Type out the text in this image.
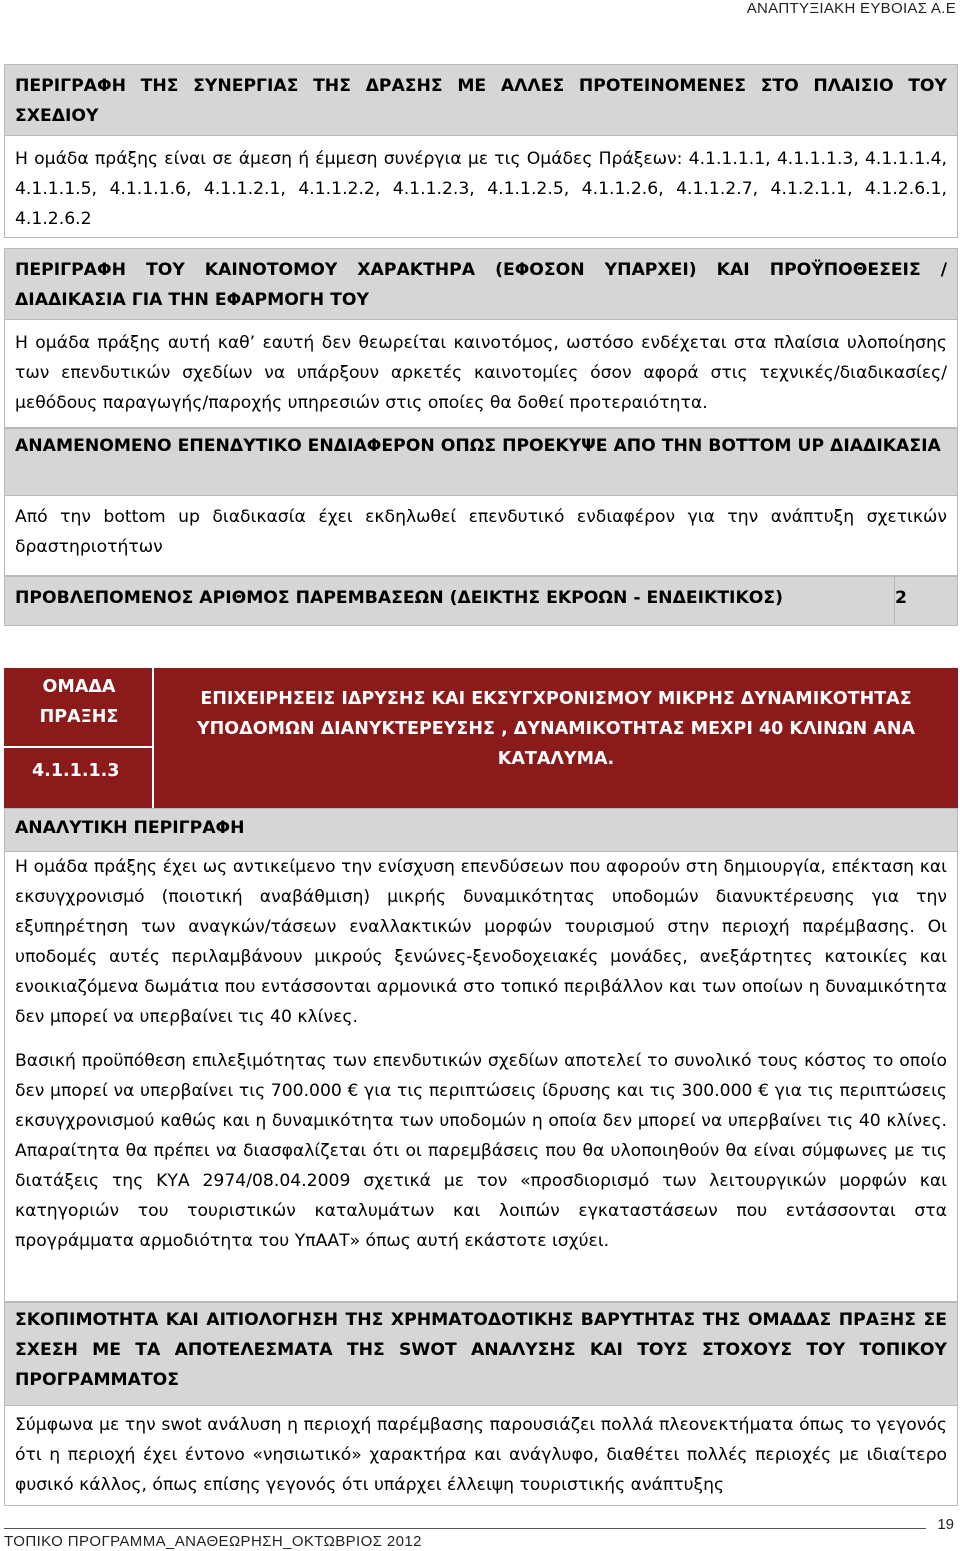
ΑΝΑΠΤΥΞΙΑΚΗ ΕΥΒΟΙΑΣ Α.Ε
ΠΕΡΙΓΡΑΦΗ ΤΗΣ ΣΥΝΕΡΓΙΑΣ ΤΗΣ ΔΡΑΣΗΣ ΜΕ ΑΛΛΕΣ ΠΡΟΤΕΙΝΟΜΕΝΕΣ ΣΤΟ ΠΛΑΙΣΙΟ ΤΟΥ ΣΧΕΔΙΟΥ
Η ομάδα πράξης είναι σε άμεση ή έμμεση συνέργια με τις Ομάδες Πράξεων: 4.1.1.1.1, 4.1.1.1.3, 4.1.1.1.4, 4.1.1.1.5, 4.1.1.1.6, 4.1.1.2.1, 4.1.1.2.2, 4.1.1.2.3, 4.1.1.2.5, 4.1.1.2.6, 4.1.1.2.7, 4.1.2.1.1, 4.1.2.6.1, 4.1.2.6.2
ΠΕΡΙΓΡΑΦΗ ΤΟΥ ΚΑΙΝΟΤΟΜΟΥ ΧΑΡΑΚΤΗΡΑ (ΕΦΟΣΟΝ ΥΠΑΡΧΕΙ) ΚΑΙ ΠΡΟΫΠΟΘΕΣΕΙΣ / ΔΙΑΔΙΚΑΣΙΑ ΓΙΑ ΤΗΝ ΕΦΑΡΜΟΓΗ ΤΟΥ
Η ομάδα πράξης αυτή καθ’ εαυτή δεν θεωρείται καινοτόμος, ωστόσο ενδέχεται στα πλαίσια υλοποίησης των επενδυτικών σχεδίων να υπάρξουν αρκετές καινοτομίες όσον αφορά στις τεχνικές/διαδικασίες/μεθόδους παραγωγής/παροχής υπηρεσιών στις οποίες θα δοθεί προτεραιότητα.
ΑΝΑΜΕΝΟΜΕΝΟ ΕΠΕΝΔΥΤΙΚΟ ΕΝΔΙΑΦΕΡΟΝ ΟΠΩΣ ΠΡΟΕΚΥΨΕ ΑΠΟ ΤΗΝ BOTTOM UP ΔΙΑΔΙΚΑΣΙΑ
Από την bottom up διαδικασία έχει εκδηλωθεί επενδυτικό ενδιαφέρον για την ανάπτυξη σχετικών δραστηριοτήτων
ΠΡΟΒΛΕΠΟΜΕΝΟΣ ΑΡΙΘΜΟΣ ΠΑΡΕΜΒΑΣΕΩΝ (ΔΕΙΚΤΗΣ ΕΚΡΟΩΝ - ΕΝΔΕΙΚΤΙΚΟΣ)	2
ΟΜΑΔΑ ΠΡΑΞΗΣ
4.1.1.1.3
ΕΠΙΧΕΙΡΗΣΕΙΣ ΙΔΡΥΣΗΣ ΚΑΙ ΕΚΣΥΓΧΡΟΝΙΣΜΟΥ ΜΙΚΡΗΣ ΔΥΝΑΜΙΚΟΤΗΤΑΣ ΥΠΟΔΟΜΩΝ ΔΙΑΝΥΚΤΕΡΕΥΣΗΣ , ΔΥΝΑΜΙΚΟΤΗΤΑΣ ΜΕΧΡΙ 40 ΚΛΙΝΩΝ ΑΝΑ ΚΑΤΑΛΥΜΑ.
ΑΝΑΛΥΤΙΚΗ ΠΕΡΙΓΡΑΦΗ

Η ομάδα πράξης έχει ως αντικείμενο την ενίσχυση επενδύσεων που αφορούν στη δημιουργία, επέκταση και εκσυγχρονισμό (ποιοτική αναβάθμιση) μικρής δυναμικότητας υποδομών διανυκτέρευσης για την εξυπηρέτηση των αναγκών/τάσεων εναλλακτικών μορφών τουρισμού στην περιοχή παρέμβασης. Οι υποδομές αυτές περιλαμβάνουν μικρούς ξενώνες-ξενοδοχειακές μονάδες, ανεξάρτητες κατοικίες και ενοικιαζόμενα δωμάτια που εντάσσονται αρμονικά στο τοπικό περιβάλλον και των οποίων η δυναμικότητα δεν μπορεί να υπερβαίνει τις 40 κλίνες.

Βασική προϋπόθεση επιλεξιμότητας των επενδυτικών σχεδίων αποτελεί το συνολικό τους κόστος το οποίο δεν μπορεί να υπερβαίνει τις 700.000 € για τις περιπτώσεις ίδρυσης και τις 300.000 € για τις περιπτώσεις εκσυγχρονισμού καθώς και η δυναμικότητα των υποδομών η οποία δεν μπορεί να υπερβαίνει τις 40 κλίνες. Απαραίτητα θα πρέπει να διασφαλίζεται ότι οι παρεμβάσεις που θα υλοποιηθούν θα είναι σύμφωνες με τις διατάξεις της ΚΥΑ 2974/08.04.2009 σχετικά με τον «προσδιορισμό των λειτουργικών μορφών και κατηγοριών του τουριστικών καταλυμάτων και λοιπών εγκαταστάσεων που εντάσσονται στα προγράμματα αρμοδιότητα του ΥπΑΑΤ» όπως αυτή εκάστοτε ισχύει.

ΣΚΟΠΙΜΟΤΗΤΑ ΚΑΙ ΑΙΤΙΟΛΟΓΗΣΗ ΤΗΣ ΧΡΗΜΑΤΟΔΟΤΙΚΗΣ ΒΑΡΥΤΗΤΑΣ ΤΗΣ ΟΜΑΔΑΣ ΠΡΑΞΗΣ ΣΕ ΣΧΕΣΗ ΜΕ ΤΑ ΑΠΟΤΕΛΕΣΜΑΤΑ ΤΗΣ SWOT ΑΝΑΛΥΣΗΣ ΚΑΙ ΤΟΥΣ ΣΤΟΧΟΥΣ ΤΟΥ ΤΟΠΙΚΟΥ ΠΡΟΓΡΑΜΜΑΤΟΣ
Σύμφωνα με την swot ανάλυση η περιοχή παρέμβασης παρουσιάζει πολλά πλεονεκτήματα όπως το γεγονός ότι η περιοχή έχει έντονο «νησιωτικό» χαρακτήρα και ανάγλυφο, διαθέτει πολλές περιοχές με ιδιαίτερο φυσικό κάλλος, όπως επίσης γεγονός ότι υπάρχει έλλειψη τουριστικής ανάπτυξης
ΤΟΠΙΚΟ ΠΡΟΓΡΑΜΜΑ_ΑΝΑΘΕΩΡΗΣΗ_ΟΚΤΩΒΡΙΟΣ 2012
19
